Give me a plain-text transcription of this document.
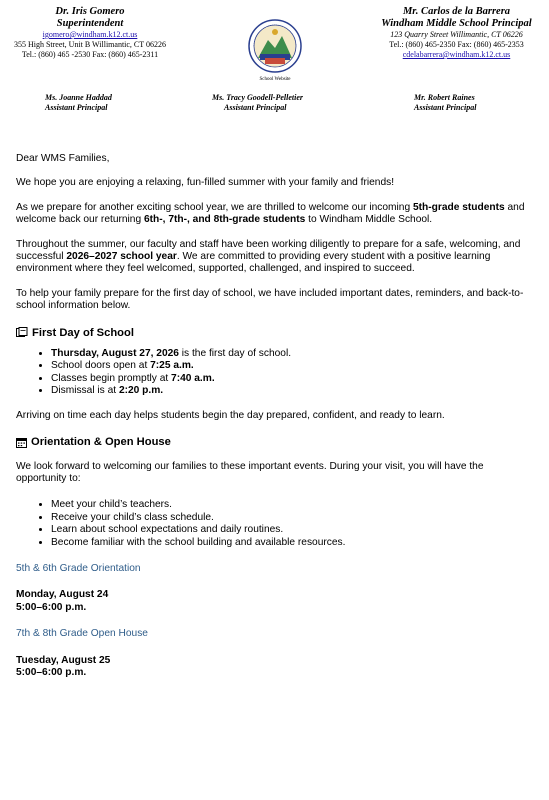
Dr. Iris Gomero
Superintendent
igomero@windham.k12.ct.us
355 High Street, Unit B Willimantic, CT 06226
Tel.: (860) 465 -2530 Fax: (860) 465-2311
School Website
Mr. Carlos de la Barrera
Windham Middle School Principal
123 Quarry Street Willimantic, CT 06226
Tel.: (860) 465-2350 Fax: (860) 465-2353
cdelabarrera@windham.k12.ct.us
Ms. Joanne Haddad
Assistant Principal
Ms. Tracy Goodell-Pelletier
Assistant Principal
Mr. Robert Raines
Assistant Principal

Dear WMS Families,

We hope you are enjoying a relaxing, fun-filled summer with your family and friends!

As we prepare for another exciting school year, we are thrilled to welcome our incoming 5th-grade students and welcome back our returning 6th-, 7th-, and 8th-grade students to Windham Middle School.

Throughout the summer, our faculty and staff have been working diligently to prepare for a safe, welcoming, and successful 2026–2027 school year. We are committed to providing every student with a positive learning environment where they feel welcomed, supported, challenged, and inspired to succeed.

To help your family prepare for the first day of school, we have included important dates, reminders, and back-to-school information below.

First Day of School

• Thursday, August 27, 2026 is the first day of school.
• School doors open at 7:25 a.m.
• Classes begin promptly at 7:40 a.m.
• Dismissal is at 2:20 p.m.

Arriving on time each day helps students begin the day prepared, confident, and ready to learn.

Orientation & Open House

We look forward to welcoming our families to these important events. During your visit, you will have the opportunity to:

• Meet your child’s teachers.
• Receive your child’s class schedule.
• Learn about school expectations and daily routines.
• Become familiar with the school building and available resources.

5th & 6th Grade Orientation

Monday, August 24

5:00–6:00 p.m.

7th & 8th Grade Open House

Tuesday, August 25

5:00–6:00 p.m.
